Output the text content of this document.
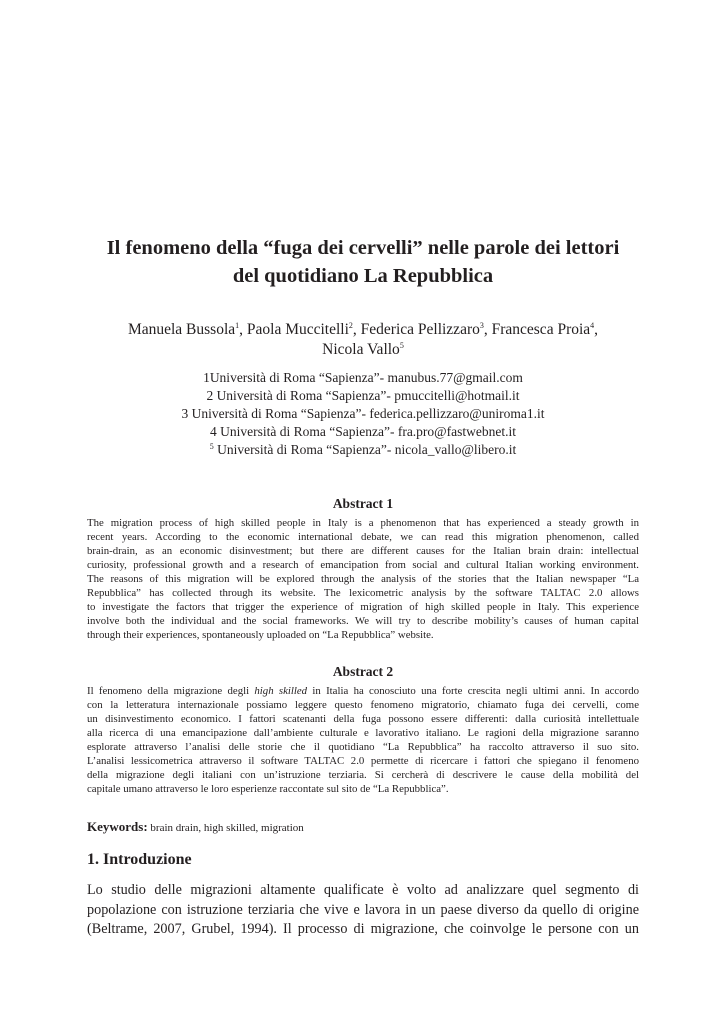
Il fenomeno della “fuga dei cervelli” nelle parole dei lettori
del quotidiano La Repubblica
Manuela Bussola$^1$, Paola Muccitelli$^2$, Federica Pellizzaro$^3$, Francesca Proia$^4$,
Nicola Vallo$^5$
1Università di Roma “Sapienza”- manubus.77@gmail.com
2 Università di Roma “Sapienza”- pmuccitelli@hotmail.it
3 Università di Roma “Sapienza”- federica.pellizzaro@uniroma1.it
4 Università di Roma “Sapienza”- fra.pro@fastwebnet.it
$^5$ Università di Roma “Sapienza”- nicola_vallo@libero.it
Abstract 1
The migration process of high skilled people in Italy is a phenomenon that has experienced a steady growth in
recent years. According to the economic international debate, we can read this migration phenomenon, called
brain-drain, as an economic disinvestment; but there are different causes for the Italian brain drain: intellectual
curiosity, professional growth and a research of emancipation from social and cultural Italian working environment.
The reasons of this migration will be explored through the analysis of the stories that the Italian newspaper “La
Repubblica” has collected through its website. The lexicometric analysis by the software TALTAC 2.0 allows
to investigate the factors that trigger the experience of migration of high skilled people in Italy. This experience
involve both the individual and the social frameworks. We will try to describe mobility’s causes of human capital
through their experiences, spontaneously uploaded on “La Repubblica” website.
Abstract 2
Il fenomeno della migrazione degli high skilled in Italia ha conosciuto una forte crescita negli ultimi anni. In accordo
con la letteratura internazionale possiamo leggere questo fenomeno migratorio, chiamato fuga dei cervelli, come
un disinvestimento economico. I fattori scatenanti della fuga possono essere differenti: dalla curiosità intellettuale
alla ricerca di una emancipazione dall’ambiente culturale e lavorativo italiano. Le ragioni della migrazione saranno
esplorate attraverso l’analisi delle storie che il quotidiano “La Repubblica” ha raccolto attraverso il suo sito.
L’analisi lessicometrica attraverso il software TALTAC 2.0 permette di ricercare i fattori che spiegano il fenomeno
della migrazione degli italiani con un’istruzione terziaria. Si cercherà di descrivere le cause della mobilità del
capitale umano attraverso le loro esperienze raccontate sul sito de “La Repubblica”.
Keywords: brain drain, high skilled, migration
1. Introduzione
Lo studio delle migrazioni altamente qualificate è volto ad analizzare quel segmento di
popolazione con istruzione terziaria che vive e lavora in un paese diverso da quello di origine
(Beltrame, 2007, Grubel, 1994). Il processo di migrazione, che coinvolge le persone con un
